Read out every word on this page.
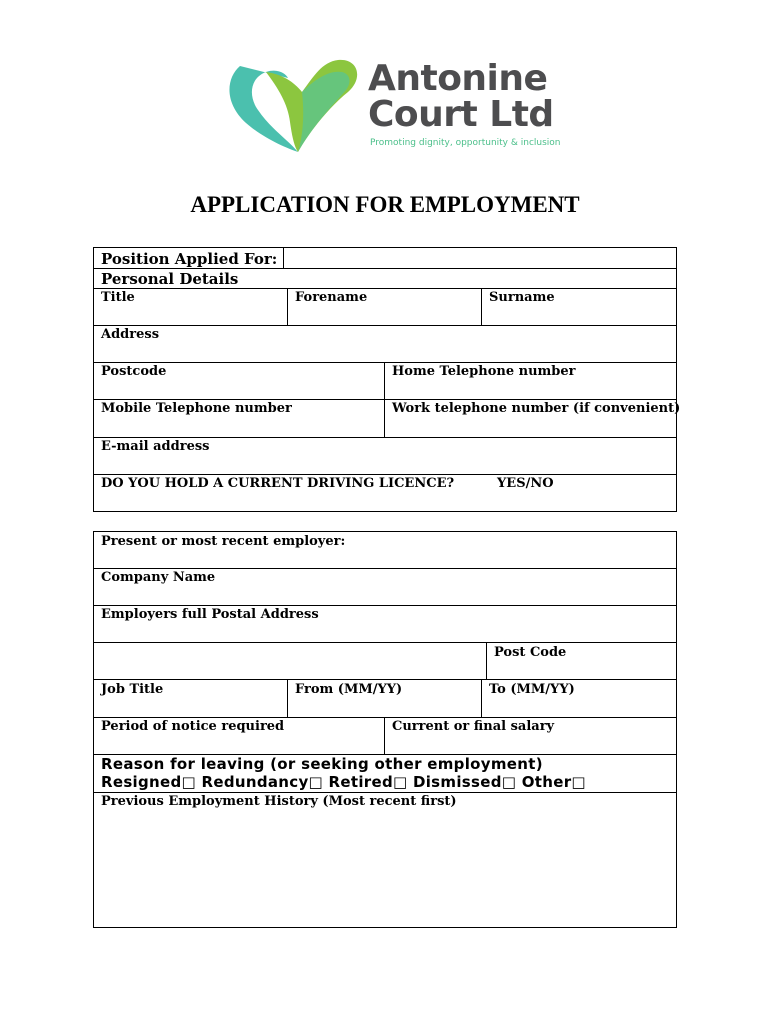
Antonine
Court Ltd
Promoting dignity, opportunity & inclusion
APPLICATION FOR EMPLOYMENT
Position Applied For:
Personal Details
Title	Forename	Surname
Address
Postcode	Home Telephone number
Mobile Telephone number	Work telephone number (if convenient)
E-mail address
DO YOU HOLD A CURRENT DRIVING LICENCE?	YES/NO
Present or most recent employer:
Company Name
Employers full Postal Address
Post Code
Job Title	From (MM/YY)	To (MM/YY)
Period of notice required	Current or final salary
Reason for leaving (or seeking other employment)
Resigned□ Redundancy□ Retired□ Dismissed□ Other□
Previous Employment History (Most recent first)
